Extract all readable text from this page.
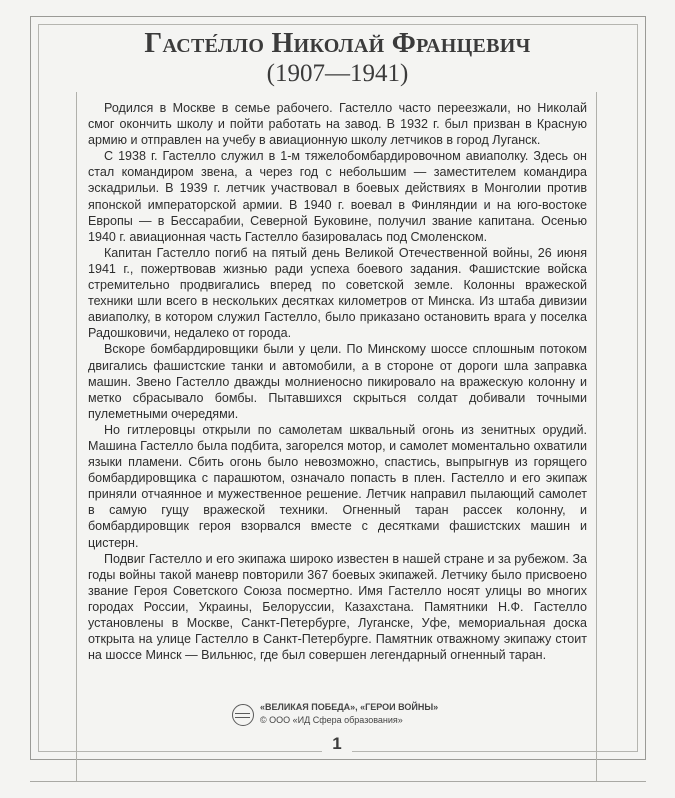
Гасте́лло Николай Францевич
(1907—1941)

Родился в Москве в семье рабочего. Гастелло часто переезжали, но Николай смог окончить школу и пойти работать на завод. В 1932 г. был призван в Красную армию и отправлен на учебу в авиационную школу летчиков в город Луганск.

С 1938 г. Гастелло служил в 1-м тяжелобомбардировочном авиаполку. Здесь он стал командиром звена, а через год с небольшим — заместителем командира эскадрильи. В 1939 г. летчик участвовал в боевых действиях в Монголии против японской императорской армии. В 1940 г. воевал в Финляндии и на юго-востоке Европы — в Бессарабии, Северной Буковине, получил звание капитана. Осенью 1940 г. авиационная часть Гастелло базировалась под Смоленском.

Капитан Гастелло погиб на пятый день Великой Отечественной войны, 26 июня 1941 г., пожертвовав жизнью ради успеха боевого задания. Фашистские войска стремительно продвигались вперед по советской земле. Колонны вражеской техники шли всего в нескольких десятках километров от Минска. Из штаба дивизии авиаполку, в котором служил Гастелло, было приказано остановить врага у поселка Радошковичи, недалеко от города.

Вскоре бомбардировщики были у цели. По Минскому шоссе сплошным потоком двигались фашистские танки и автомобили, а в стороне от дороги шла заправка машин. Звено Гастелло дважды молниеносно пикировало на вражескую колонну и метко сбрасывало бомбы. Пытавшихся скрыться солдат добивали точными пулеметными очередями.

Но гитлеровцы открыли по самолетам шквальный огонь из зенитных орудий. Машина Гастелло была подбита, загорелся мотор, и самолет моментально охватили языки пламени. Сбить огонь было невозможно, спастись, выпрыгнув из горящего бомбардировщика с парашютом, означало попасть в плен. Гастелло и его экипаж приняли отчаянное и мужественное решение. Летчик направил пылающий самолет в самую гущу вражеской техники. Огненный таран рассек колонну, и бомбардировщик героя взорвался вместе с десятками фашистских машин и цистерн.

Подвиг Гастелло и его экипажа широко известен в нашей стране и за рубежом. За годы войны такой маневр повторили 367 боевых экипажей. Летчику было присвоено звание Героя Советского Союза посмертно. Имя Гастелло носят улицы во многих городах России, Украины, Белоруссии, Казахстана. Памятники Н.Ф. Гастелло установлены в Москве, Санкт-Петербурге, Луганске, Уфе, мемориальная доска открыта на улице Гастелло в Санкт-Петербурге. Памятник отважному экипажу стоит на шоссе Минск — Вильнюс, где был совершен легендарный огненный таран.

«ВЕЛИКАЯ ПОБЕДА», «ГЕРОИ ВОЙНЫ»
© ООО «ИД Сфера образования»
1
